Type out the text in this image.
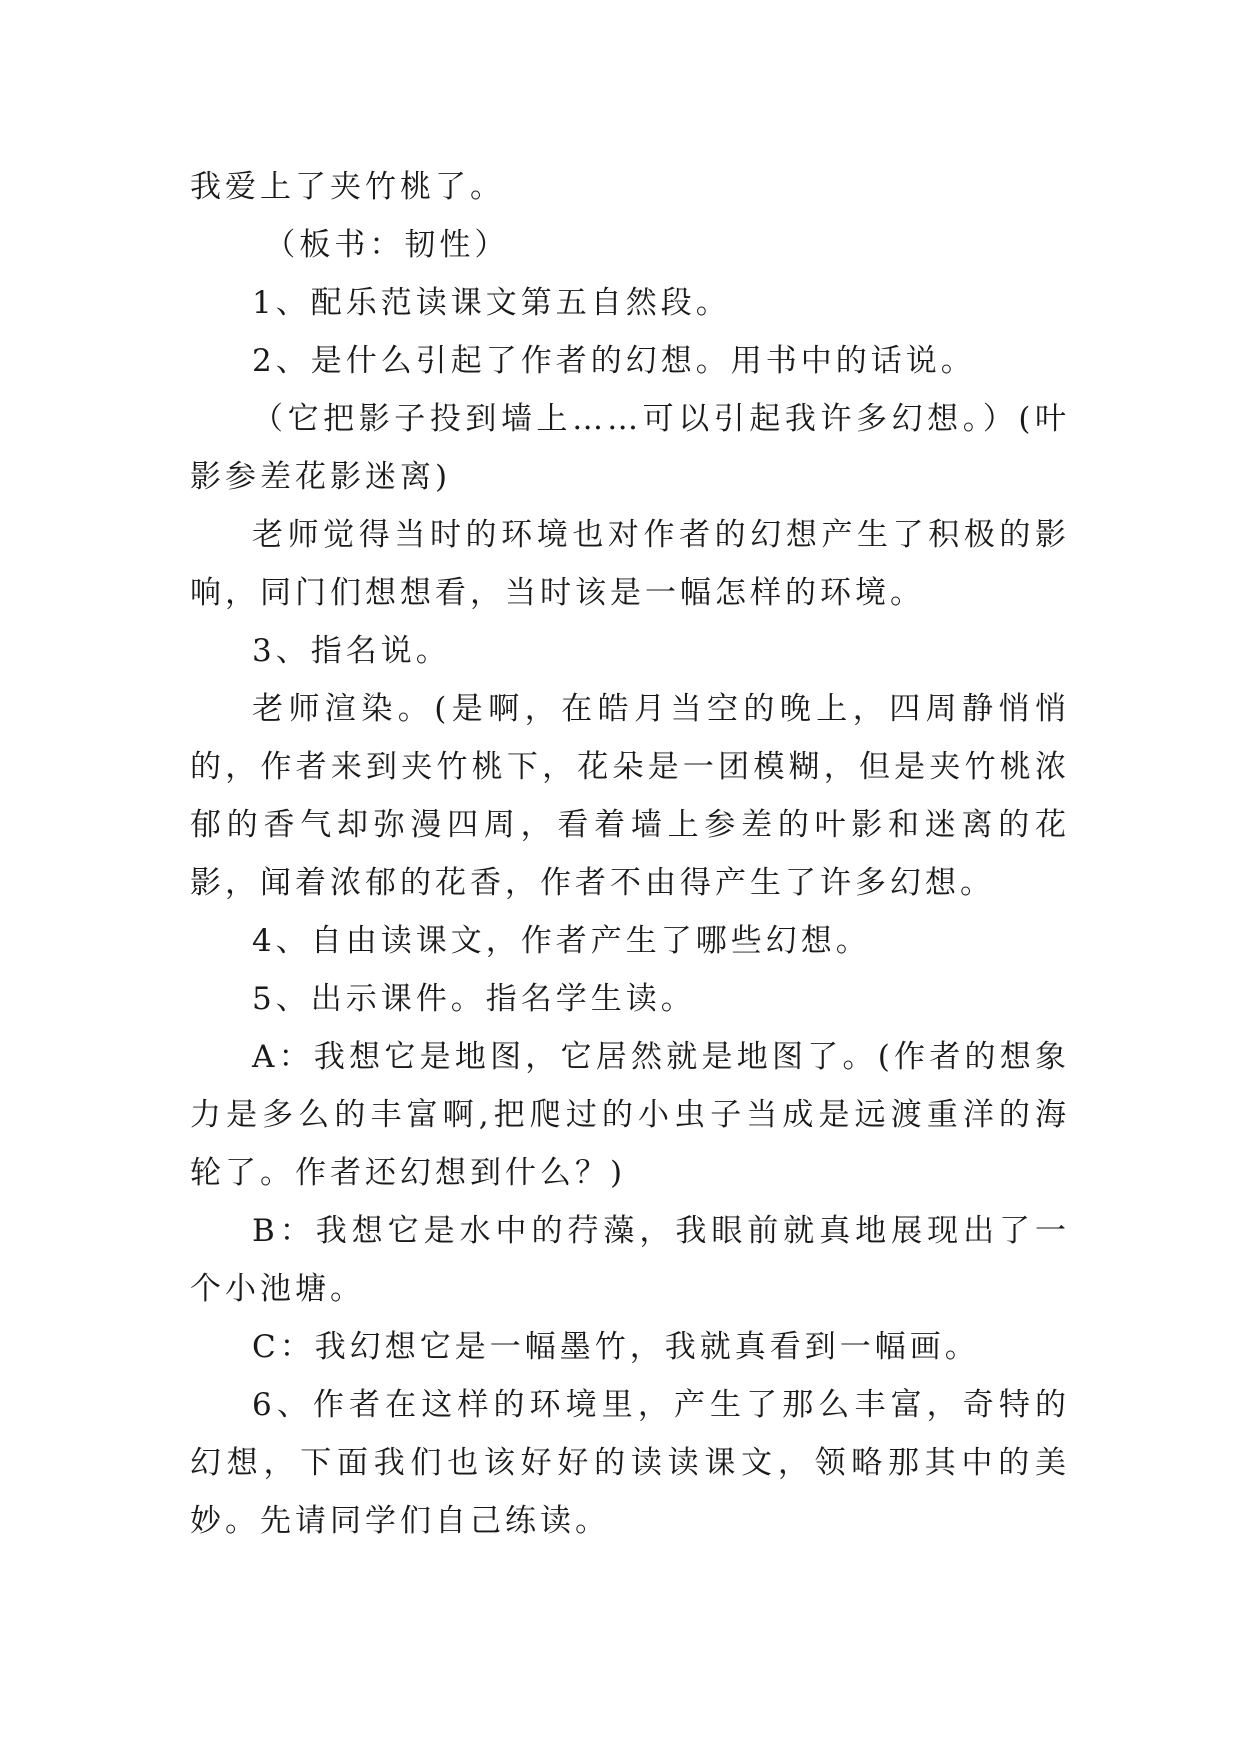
我爱上了夹竹桃了。

（板书：韧性）

1、配乐范读课文第五自然段。

2、是什么引起了作者的幻想。用书中的话说。

（它把影子投到墙上……可以引起我许多幻想。）(叶影参差花影迷离)

老师觉得当时的环境也对作者的幻想产生了积极的影响，同门们想想看，当时该是一幅怎样的环境。

3、指名说。

老师渲染。(是啊，在皓月当空的晚上，四周静悄悄的，作者来到夹竹桃下，花朵是一团模糊，但是夹竹桃浓郁的香气却弥漫四周，看着墙上参差的叶影和迷离的花影，闻着浓郁的花香，作者不由得产生了许多幻想。

4、自由读课文，作者产生了哪些幻想。

5、出示课件。指名学生读。

A：我想它是地图，它居然就是地图了。(作者的想象力是多么的丰富啊,把爬过的小虫子当成是远渡重洋的海轮了。作者还幻想到什么？)

B：我想它是水中的荇藻，我眼前就真地展现出了一个小池塘。

C：我幻想它是一幅墨竹，我就真看到一幅画。

6、作者在这样的环境里，产生了那么丰富，奇特的幻想，下面我们也该好好的读读课文，领略那其中的美妙。先请同学们自己练读。
